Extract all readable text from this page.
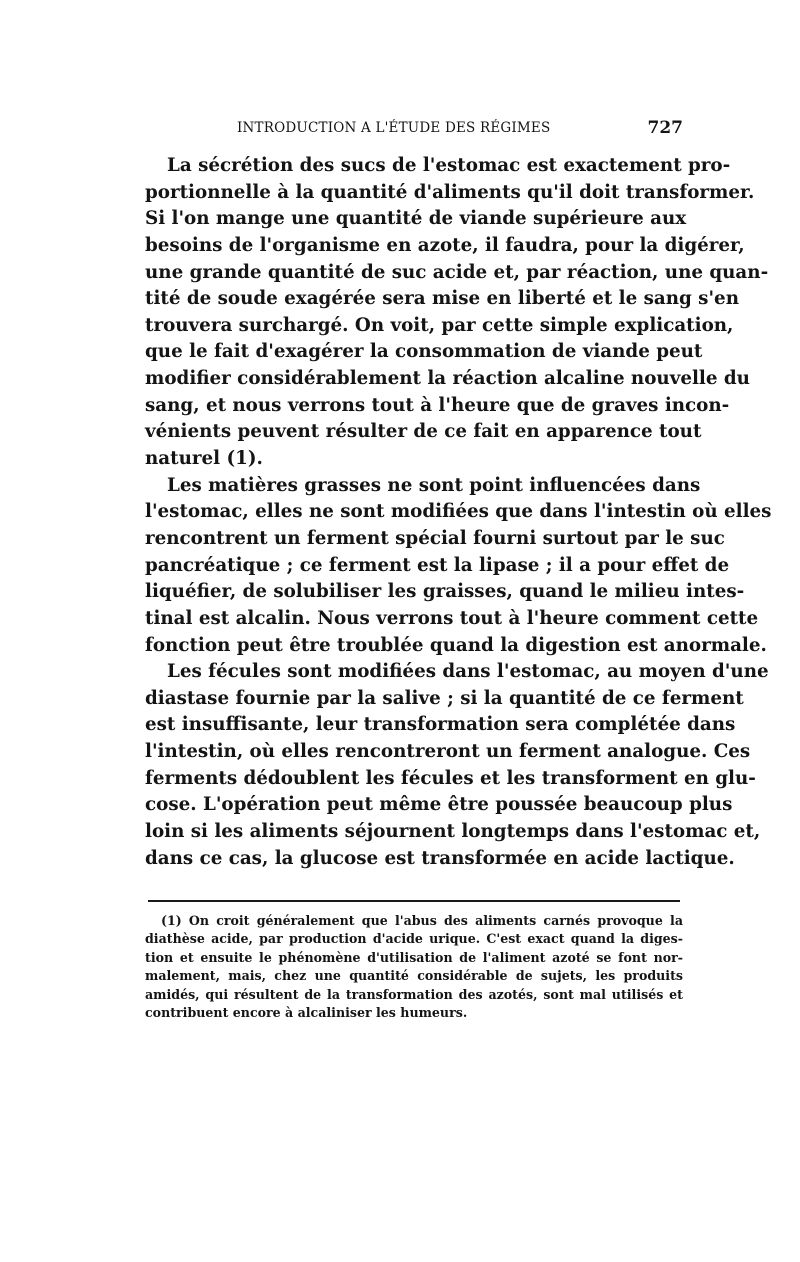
INTRODUCTION A L'ÉTUDE DES RÉGIMES	727
La sécrétion des sucs de l'estomac est exactement pro-
portionnelle à la quantité d'aliments qu'il doit transformer.
Si l'on mange une quantité de viande supérieure aux
besoins de l'organisme en azote, il faudra, pour la digérer,
une grande quantité de suc acide et, par réaction, une quan-
tité de soude exagérée sera mise en liberté et le sang s'en
trouvera surchargé. On voit, par cette simple explication,
que le fait d'exagérer la consommation de viande peut
modifier considérablement la réaction alcaline nouvelle du
sang, et nous verrons tout à l'heure que de graves incon-
vénients peuvent résulter de ce fait en apparence tout
naturel (1).
Les matières grasses ne sont point influencées dans
l'estomac, elles ne sont modifiées que dans l'intestin où elles
rencontrent un ferment spécial fourni surtout par le suc
pancréatique ; ce ferment est la lipase ; il a pour effet de
liquéfier, de solubiliser les graisses, quand le milieu intes-
tinal est alcalin. Nous verrons tout à l'heure comment cette
fonction peut être troublée quand la digestion est anormale.
Les fécules sont modifiées dans l'estomac, au moyen d'une
diastase fournie par la salive ; si la quantité de ce ferment
est insuffisante, leur transformation sera complétée dans
l'intestin, où elles rencontreront un ferment analogue. Ces
ferments dédoublent les fécules et les transforment en glu-
cose. L'opération peut même être poussée beaucoup plus
loin si les aliments séjournent longtemps dans l'estomac et,
dans ce cas, la glucose est transformée en acide lactique.
(1) On croit généralement que l'abus des aliments carnés provoque la
diathèse acide, par production d'acide urique. C'est exact quand la diges-
tion et ensuite le phénomène d'utilisation de l'aliment azoté se font nor-
malement, mais, chez une quantité considérable de sujets, les produits
amidés, qui résultent de la transformation des azotés, sont mal utilisés et
contribuent encore à alcaliniser les humeurs.
